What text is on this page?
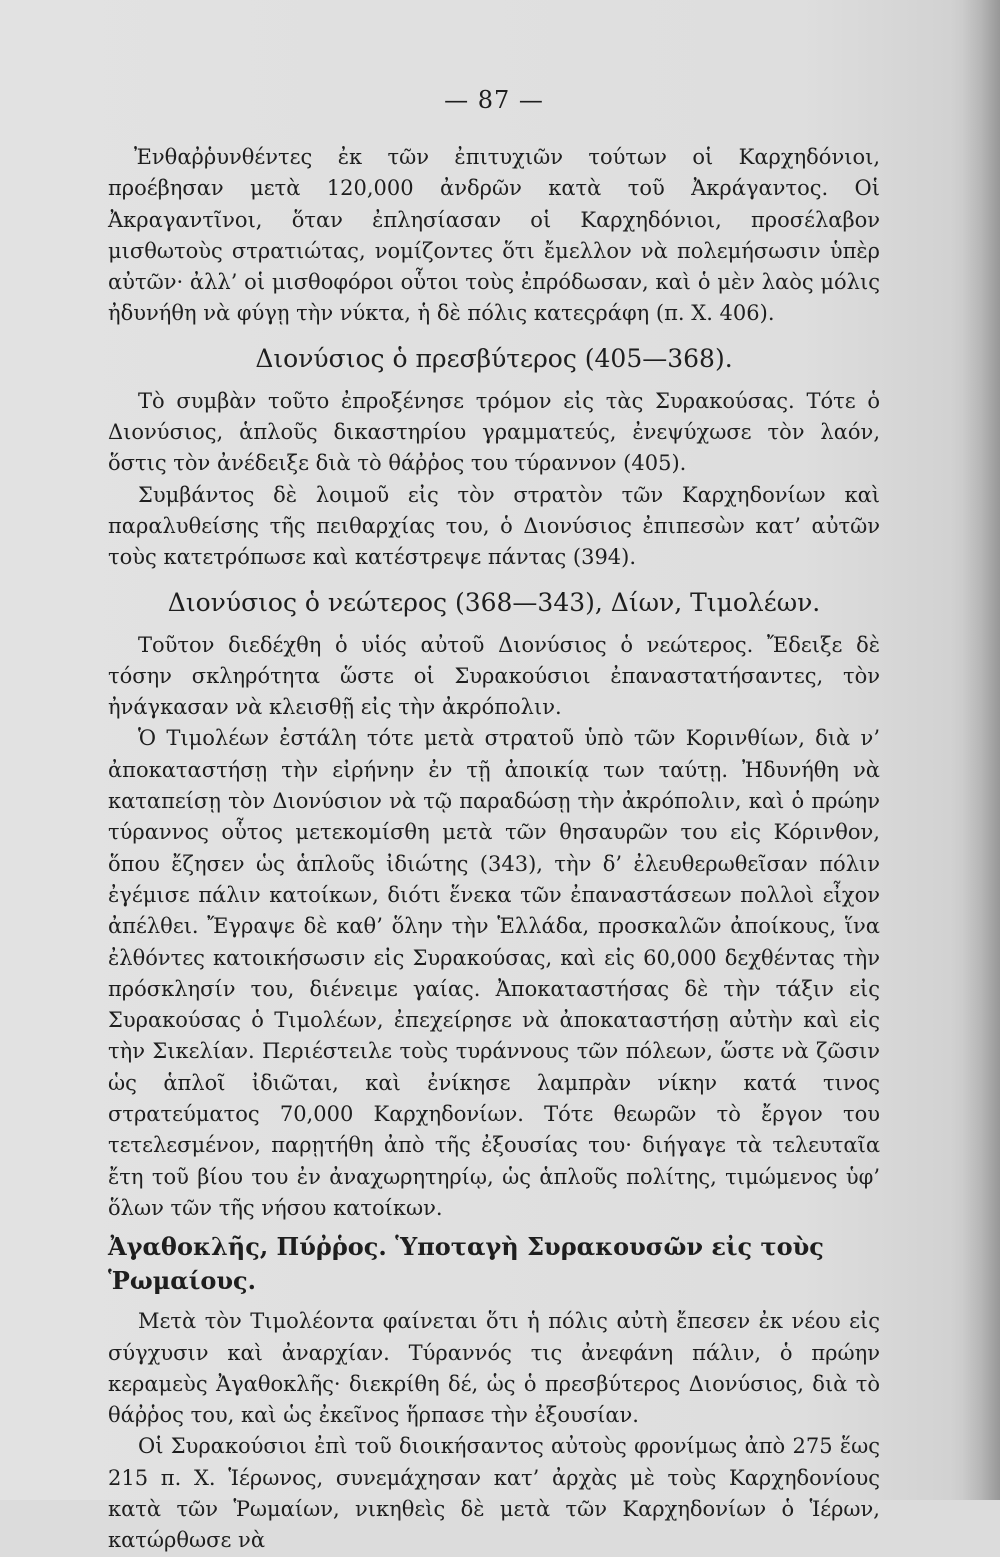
— 87 —

Ἐνθαῤῥυνθέντες ἐκ τῶν ἐπιτυχιῶν τούτων οἱ Καρχηδόνιοι, προέβησαν μετὰ 120,000 ἀνδρῶν κατὰ τοῦ Ἀκράγαντος. Οἱ Ἀκραγαντῖνοι, ὅταν ἐπλησίασαν οἱ Καρχηδόνιοι, προσέλαβον μισθωτοὺς στρατιώτας, νομίζοντες ὅτι ἔμελλον νὰ πολεμήσωσιν ὑπὲρ αὐτῶν· ἀλλ’ οἱ μισθοφόροι οὗτοι τοὺς ἐπρόδωσαν, καὶ ὁ μὲν λαὸς μόλις ἠδυνήθη νὰ φύγῃ τὴν νύκτα, ἡ δὲ πόλις κατεςράφη (π. Χ. 406).

Διονύσιος ὁ πρεσβύτερος (405—368).

Τὸ συμβὰν τοῦτο ἐπροξένησε τρόμον εἰς τὰς Συρακούσας. Τότε ὁ Διονύσιος, ἁπλοῦς δικαστηρίου γραμματεύς, ἐνεψύχωσε τὸν λαόν, ὅστις τὸν ἀνέδειξε διὰ τὸ θάῤῥος του τύραννον (405).

Συμβάντος δὲ λοιμοῦ εἰς τὸν στρατὸν τῶν Καρχηδονίων καὶ παραλυθείσης τῆς πειθαρχίας του, ὁ Διονύσιος ἐπιπεσὼν κατ’ αὐτῶν τοὺς κατετρόπωσε καὶ κατέστρεψε πάντας (394).

Διονύσιος ὁ νεώτερος (368—343), Δίων, Τιμολέων.

Τοῦτον διεδέχθη ὁ υἱός αὐτοῦ Διονύσιος ὁ νεώτερος. Ἔδειξε δὲ τόσην σκληρότητα ὥστε οἱ Συρακούσιοι ἐπαναστατήσαντες, τὸν ἠνάγκασαν νὰ κλεισθῇ εἰς τὴν ἀκρόπολιν.

Ὁ Τιμολέων ἐστάλη τότε μετὰ στρατοῦ ὑπὸ τῶν Κορινθίων, διὰ ν’ ἀποκαταστήσῃ τὴν εἰρήνην ἐν τῇ ἀποικίᾳ των ταύτῃ. Ἠδυνήθη νὰ καταπείσῃ τὸν Διονύσιον νὰ τῷ παραδώσῃ τὴν ἀκρόπολιν, καὶ ὁ πρώην τύραννος οὗτος μετεκομίσθη μετὰ τῶν θησαυρῶν του εἰς Κόρινθον, ὅπου ἔζησεν ὡς ἁπλοῦς ἰδιώτης (343), τὴν δ’ ἐλευθερωθεῖσαν πόλιν ἐγέμισε πάλιν κατοίκων, διότι ἕνεκα τῶν ἐπαναστάσεων πολλοὶ εἶχον ἀπέλθει. Ἔγραψε δὲ καθ’ ὅλην τὴν Ἑλλάδα, προσκαλῶν ἀποίκους, ἵνα ἐλθόντες κατοικήσωσιν εἰς Συρακούσας, καὶ εἰς 60,000 δεχθέντας τὴν πρόσκλησίν του, διένειμε γαίας. Ἀποκαταστήσας δὲ τὴν τάξιν εἰς Συρακούσας ὁ Τιμολέων, ἐπεχείρησε νὰ ἀποκαταστήσῃ αὐτὴν καὶ εἰς τὴν Σικελίαν. Περιέστειλε τοὺς τυράννους τῶν πόλεων, ὥστε νὰ ζῶσιν ὡς ἁπλοῖ ἰδιῶται, καὶ ἐνίκησε λαμπρὰν νίκην κατά τινος στρατεύματος 70,000 Καρχηδονίων. Τότε θεωρῶν τὸ ἔργον του τετελεσμένον, παρῃτήθη ἀπὸ τῆς ἐξουσίας του· διήγαγε τὰ τελευταῖα ἔτη τοῦ βίου του ἐν ἀναχωρητηρίῳ, ὡς ἁπλοῦς πολίτης, τιμώμενος ὑφ’ ὅλων τῶν τῆς νήσου κατοίκων.

Ἀγαθοκλῆς, Πύῤῥος. Ὑποταγὴ Συρακουσῶν εἰς τοὺς Ῥωμαίους.

Μετὰ τὸν Τιμολέοντα φαίνεται ὅτι ἡ πόλις αὐτὴ ἔπεσεν ἐκ νέου εἰς σύγχυσιν καὶ ἀναρχίαν. Τύραννός τις ἀνεφάνη πάλιν, ὁ πρώην κεραμεὺς Ἀγαθοκλῆς· διεκρίθη δέ, ὡς ὁ πρεσβύτερος Διονύσιος, διὰ τὸ θάῤῥος του, καὶ ὡς ἐκεῖνος ἥρπασε τὴν ἐξουσίαν.

Οἱ Συρακούσιοι ἐπὶ τοῦ διοικήσαντος αὐτοὺς φρονίμως ἀπὸ 275 ἕως 215 π. Χ. Ἱέρωνος, συνεμάχησαν κατ’ ἀρχὰς μὲ τοὺς Καρχηδονίους κατὰ τῶν Ῥωμαίων, νικηθεὶς δὲ μετὰ τῶν Καρχηδονίων ὁ Ἱέρων, κατώρθωσε νὰ
